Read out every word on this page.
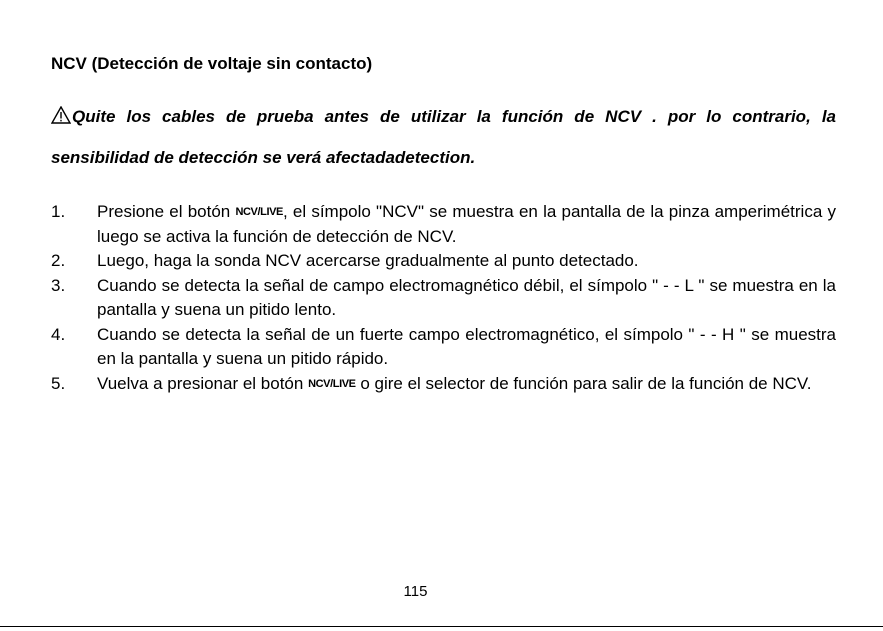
NCV (Detección de voltaje sin contacto)
Quite los cables de prueba antes de utilizar la función de NCV . por lo contrario, la sensibilidad de detección se verá afectadadetection.
1. Presione el botón NCV/LIVE, el símpolo "NCV" se muestra en la pantalla de la pinza amperimétrica y luego se activa la función de detección de NCV.
2. Luego, haga la sonda NCV acercarse gradualmente al punto detectado.
3. Cuando se detecta la señal de campo electromagnético débil, el símpolo " - - L " se muestra en la pantalla y suena un pitido lento.
4. Cuando se detecta la señal de un fuerte campo electromagnético, el símpolo " - - H " se muestra en la pantalla y suena un pitido rápido.
5. Vuelva a presionar el botón NCV/LIVE o gire el selector de función para salir de la función de NCV.
115
